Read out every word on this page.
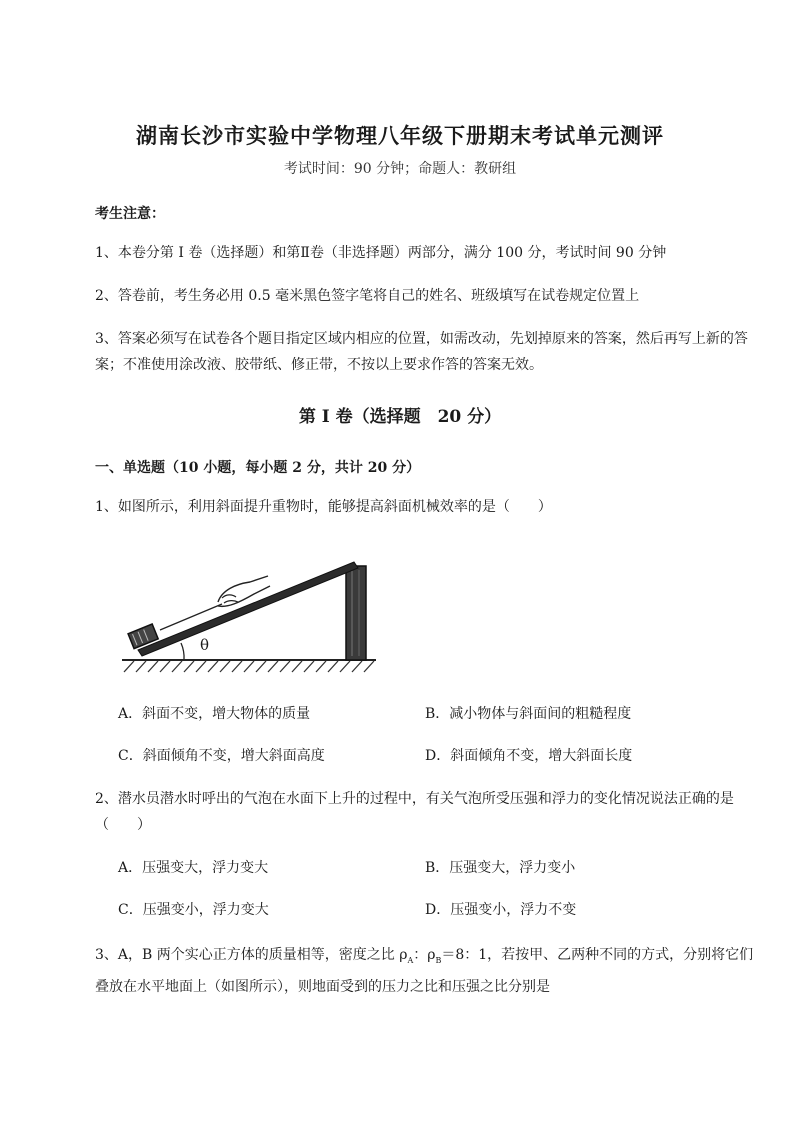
湖南长沙市实验中学物理八年级下册期末考试单元测评
考试时间：90 分钟；命题人：教研组
考生注意：
1、本卷分第 I 卷（选择题）和第Ⅱ卷（非选择题）两部分，满分 100 分，考试时间 90 分钟
2、答卷前，考生务必用 0.5 毫米黑色签字笔将自己的姓名、班级填写在试卷规定位置上
3、答案必须写在试卷各个题目指定区域内相应的位置，如需改动，先划掉原来的答案，然后再写上新的答案；不准使用涂改液、胶带纸、修正带，不按以上要求作答的答案无效。
第 I 卷（选择题　20 分）
一、单选题（10 小题，每小题 2 分，共计 20 分）
1、如图所示，利用斜面提升重物时，能够提高斜面机械效率的是（　　）
θ
A．斜面不变，增大物体的质量	B．减小物体与斜面间的粗糙程度
C．斜面倾角不变，增大斜面高度	D．斜面倾角不变，增大斜面长度
2、潜水员潜水时呼出的气泡在水面下上升的过程中，有关气泡所受压强和浮力的变化情况说法正确的是（　　）
A．压强变大，浮力变大	B．压强变大，浮力变小
C．压强变小，浮力变大	D．压强变小，浮力不变
3、A，B 两个实心正方体的质量相等，密度之比 $\rho_A$：$\rho_B=8$：1，若按甲、乙两种不同的方式，分别将它们叠放在水平地面上（如图所示），则地面受到的压力之比和压强之比分别是
